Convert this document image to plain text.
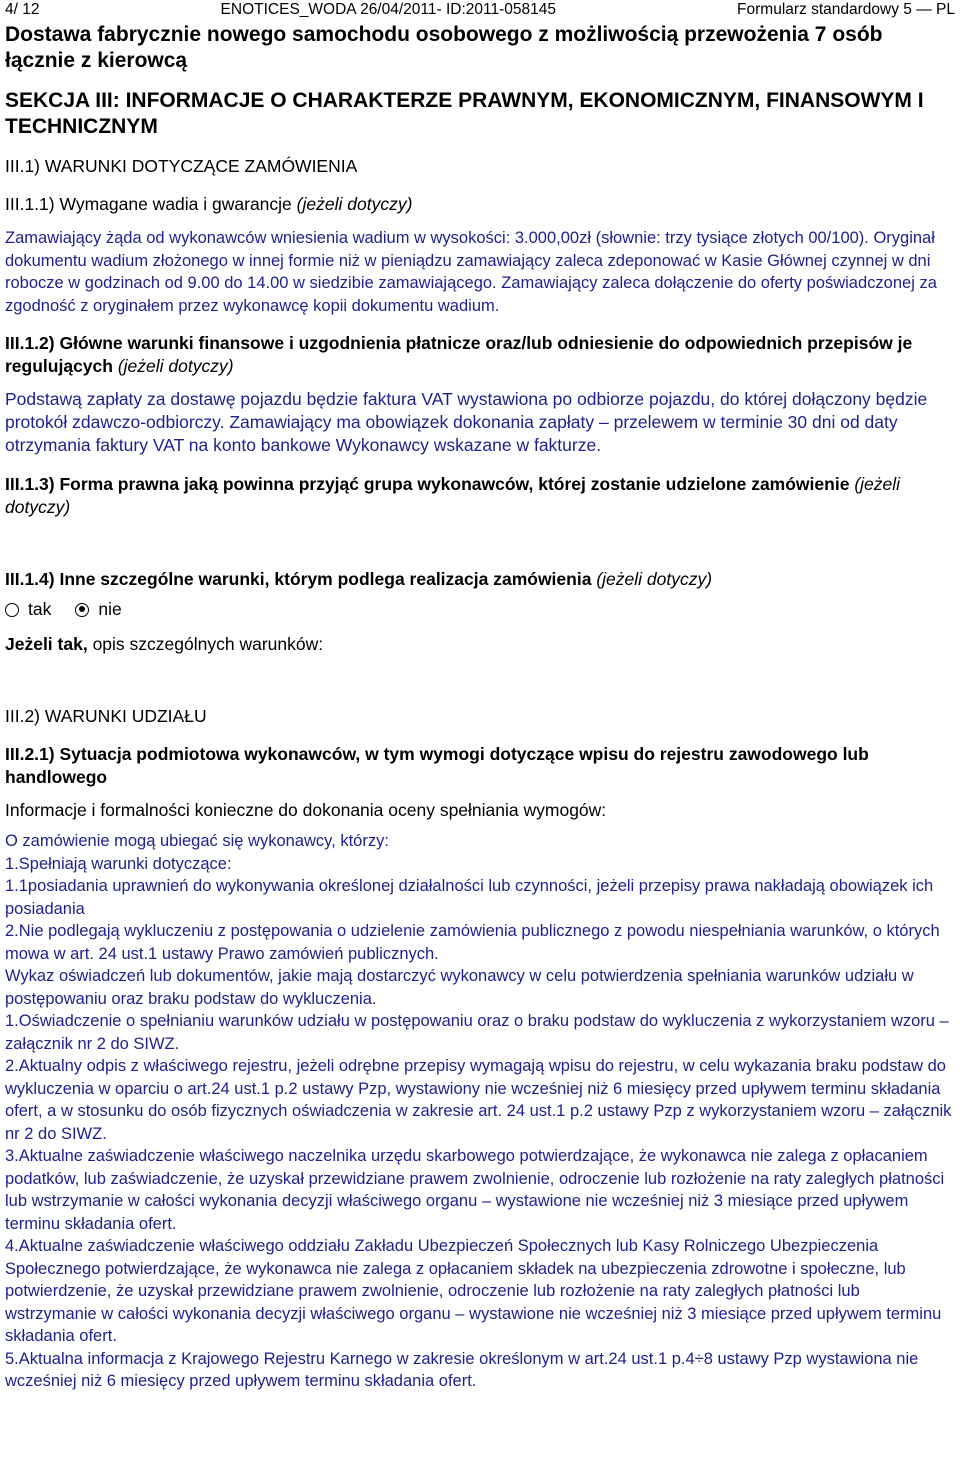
4/ 12	ENOTICES_WODA 26/04/2011- ID:2011-058145	Formularz standardowy 5 — PL
Dostawa fabrycznie nowego samochodu osobowego z możliwością przewożenia 7 osób łącznie z kierowcą
SEKCJA III: INFORMACJE O CHARAKTERZE PRAWNYM, EKONOMICZNYM, FINANSOWYM I TECHNICZNYM
III.1) WARUNKI DOTYCZĄCE ZAMÓWIENIA
III.1.1) Wymagane wadia i gwarancje (jeżeli dotyczy)

Zamawiający żąda od wykonawców wniesienia wadium w wysokości: 3.000,00zł (słownie: trzy tysiące złotych 00/100). Oryginał dokumentu wadium złożonego w innej formie niż w pieniądzu zamawiający zaleca zdeponować w Kasie Głównej czynnej w dni robocze w godzinach od 9.00 do 14.00 w siedzibie zamawiającego. Zamawiający zaleca dołączenie do oferty poświadczonej za zgodność z oryginałem przez wykonawcę kopii dokumentu wadium.

III.1.2) Główne warunki finansowe i uzgodnienia płatnicze oraz/lub odniesienie do odpowiednich przepisów je regulujących (jeżeli dotyczy)

Podstawą zapłaty za dostawę pojazdu będzie faktura VAT wystawiona po odbiorze pojazdu, do której dołączony będzie protokół zdawczo-odbiorczy. Zamawiający ma obowiązek dokonania zapłaty – przelewem w terminie 30 dni od daty otrzymania faktury VAT na konto bankowe Wykonawcy wskazane w fakturze.

III.1.3) Forma prawna jaką powinna przyjąć grupa wykonawców, której zostanie udzielone zamówienie (jeżeli dotyczy)
III.1.4) Inne szczególne warunki, którym podlega realizacja zamówienia (jeżeli dotyczy)
tak	nie
Jeżeli tak, opis szczególnych warunków:
III.2) WARUNKI UDZIAŁU
III.2.1) Sytuacja podmiotowa wykonawców, w tym wymogi dotyczące wpisu do rejestru zawodowego lub handlowego

Informacje i formalności konieczne do dokonania oceny spełniania wymogów:

O zamówienie mogą ubiegać się wykonawcy, którzy:

1.Spełniają warunki dotyczące:

1.1posiadania uprawnień do wykonywania określonej działalności lub czynności, jeżeli przepisy prawa nakładają obowiązek ich posiadania

2.Nie podlegają wykluczeniu z postępowania o udzielenie zamówienia publicznego z powodu niespełniania warunków, o których mowa w art. 24 ust.1 ustawy Prawo zamówień publicznych.

Wykaz oświadczeń lub dokumentów, jakie mają dostarczyć wykonawcy w celu potwierdzenia spełniania warunków udziału w postępowaniu oraz braku podstaw do wykluczenia.

1.Oświadczenie o spełnianiu warunków udziału w postępowaniu oraz o braku podstaw do wykluczenia z wykorzystaniem wzoru – załącznik nr 2 do SIWZ.

2.Aktualny odpis z właściwego rejestru, jeżeli odrębne przepisy wymagają wpisu do rejestru, w celu wykazania braku podstaw do wykluczenia w oparciu o art.24 ust.1 p.2 ustawy Pzp, wystawiony nie wcześniej niż 6 miesięcy przed upływem terminu składania ofert, a w stosunku do osób fizycznych oświadczenia w zakresie art. 24 ust.1 p.2 ustawy Pzp z wykorzystaniem wzoru – załącznik nr 2 do SIWZ.

3.Aktualne zaświadczenie właściwego naczelnika urzędu skarbowego potwierdzające, że wykonawca nie zalega z opłacaniem podatków, lub zaświadczenie, że uzyskał przewidziane prawem zwolnienie, odroczenie lub rozłożenie na raty zaległych płatności lub wstrzymanie w całości wykonania decyzji właściwego organu – wystawione nie wcześniej niż 3 miesiące przed upływem terminu składania ofert.

4.Aktualne zaświadczenie właściwego oddziału Zakładu Ubezpieczeń Społecznych lub Kasy Rolniczego Ubezpieczenia Społecznego potwierdzające, że wykonawca nie zalega z opłacaniem składek na ubezpieczenia zdrowotne i społeczne, lub potwierdzenie, że uzyskał przewidziane prawem zwolnienie, odroczenie lub rozłożenie na raty zaległych płatności lub wstrzymanie w całości wykonania decyzji właściwego organu – wystawione nie wcześniej niż 3 miesiące przed upływem terminu składania ofert.

5.Aktualna informacja z Krajowego Rejestru Karnego w zakresie określonym w art.24 ust.1 p.4÷8 ustawy Pzp wystawiona nie wcześniej niż 6 miesięcy przed upływem terminu składania ofert.
